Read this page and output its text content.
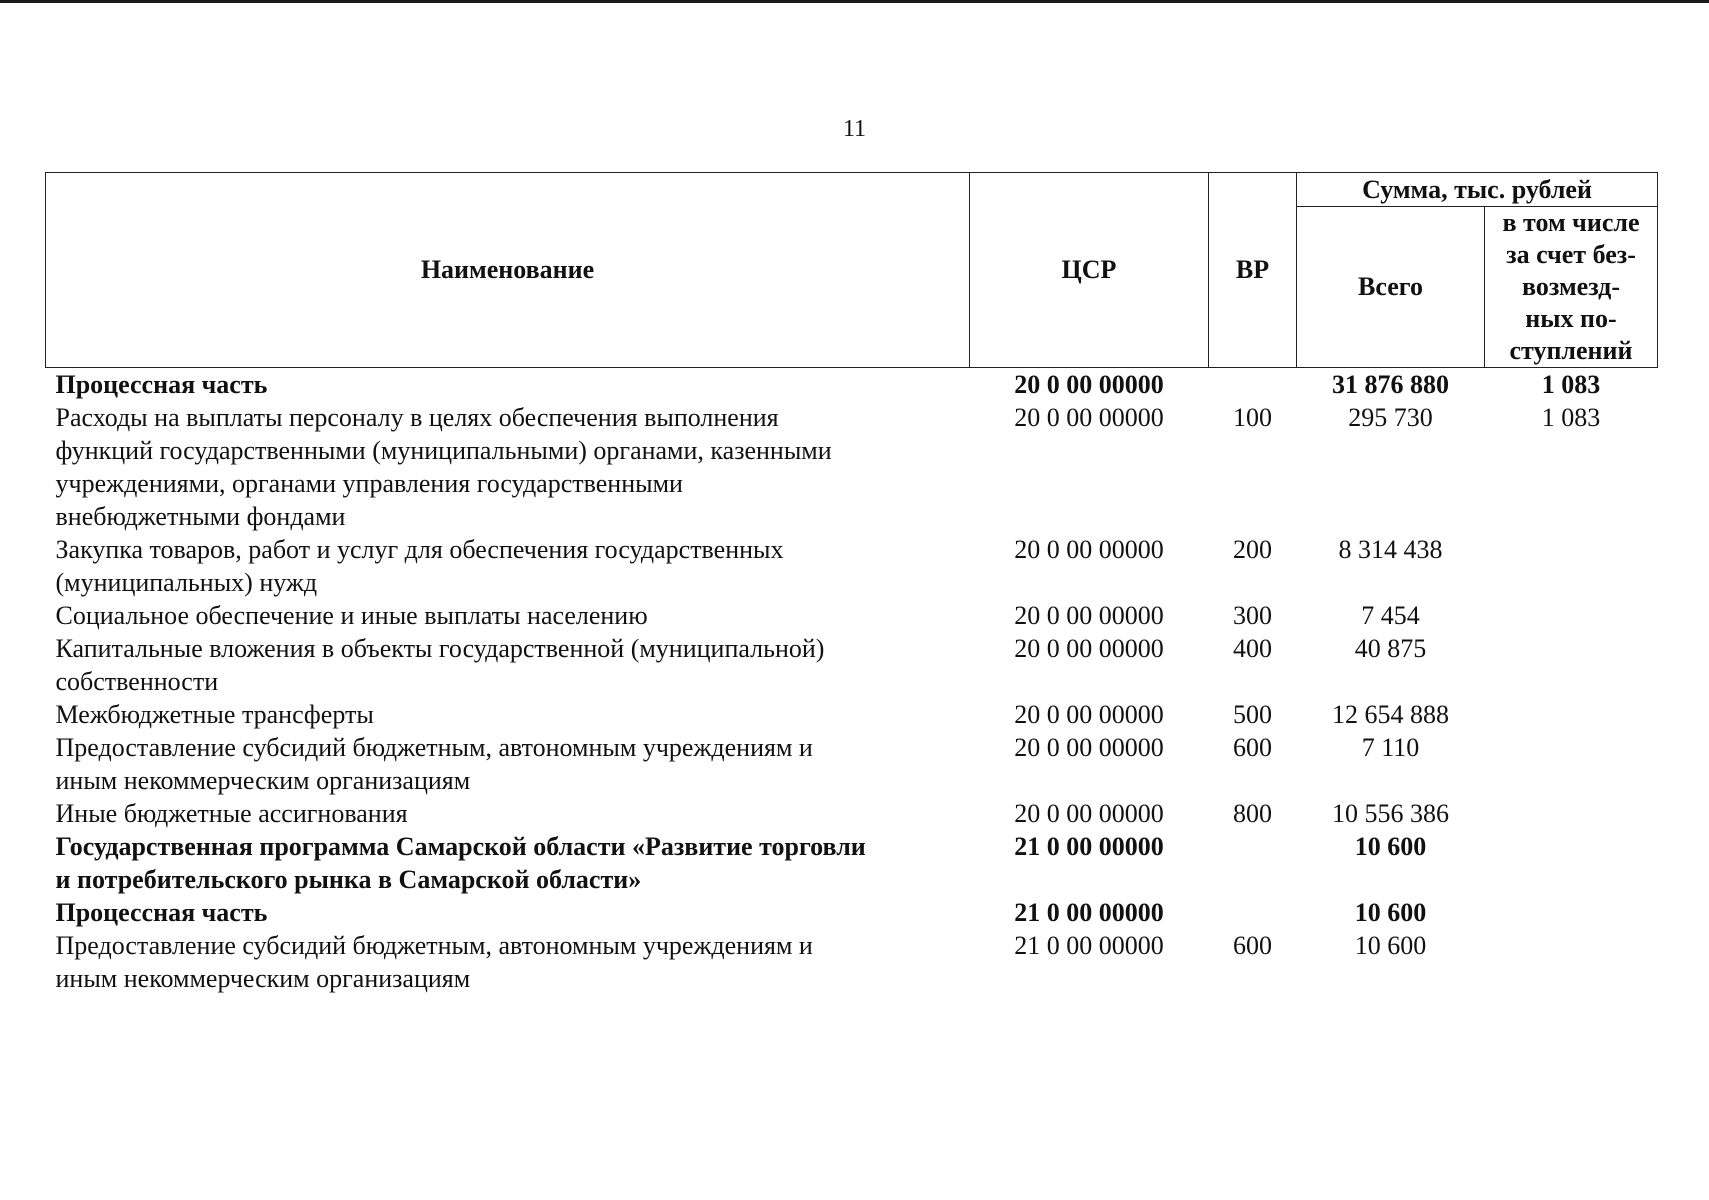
11
Наименование	ЦСР	ВР	Сумма, тыс. рублей	
			Всего	в том числе
за счет без-
возмезд-
ных по-
ступлений

Процессная часть	20 0 00 00000		31 876 880	1 083

Расходы на выплаты персоналу в целях обеспечения выполнения
функций государственными (муниципальными) органами, казенными
учреждениями, органами управления государственными
внебюджетными фондами	20 0 00 00000	100	295 730	1 083

Закупка товаров, работ и услуг для обеспечения государственных
(муниципальных) нужд	20 0 00 00000	200	8 314 438	

Социальное обеспечение и иные выплаты населению	20 0 00 00000	300	7 454	

Капитальные вложения в объекты государственной (муниципальной)
собственности	20 0 00 00000	400	40 875	

Межбюджетные трансферты	20 0 00 00000	500	12 654 888	

Предоставление субсидий бюджетным, автономным учреждениям и
иным некоммерческим организациям	20 0 00 00000	600	7 110	

Иные бюджетные ассигнования	20 0 00 00000	800	10 556 386	

Государственная программа Самарской области «Развитие торговли
и потребительского рынка в Самарской области»	21 0 00 00000		10 600	

Процессная часть	21 0 00 00000		10 600	

Предоставление субсидий бюджетным, автономным учреждениям и
иным некоммерческим организациям	21 0 00 00000	600	10 600	
